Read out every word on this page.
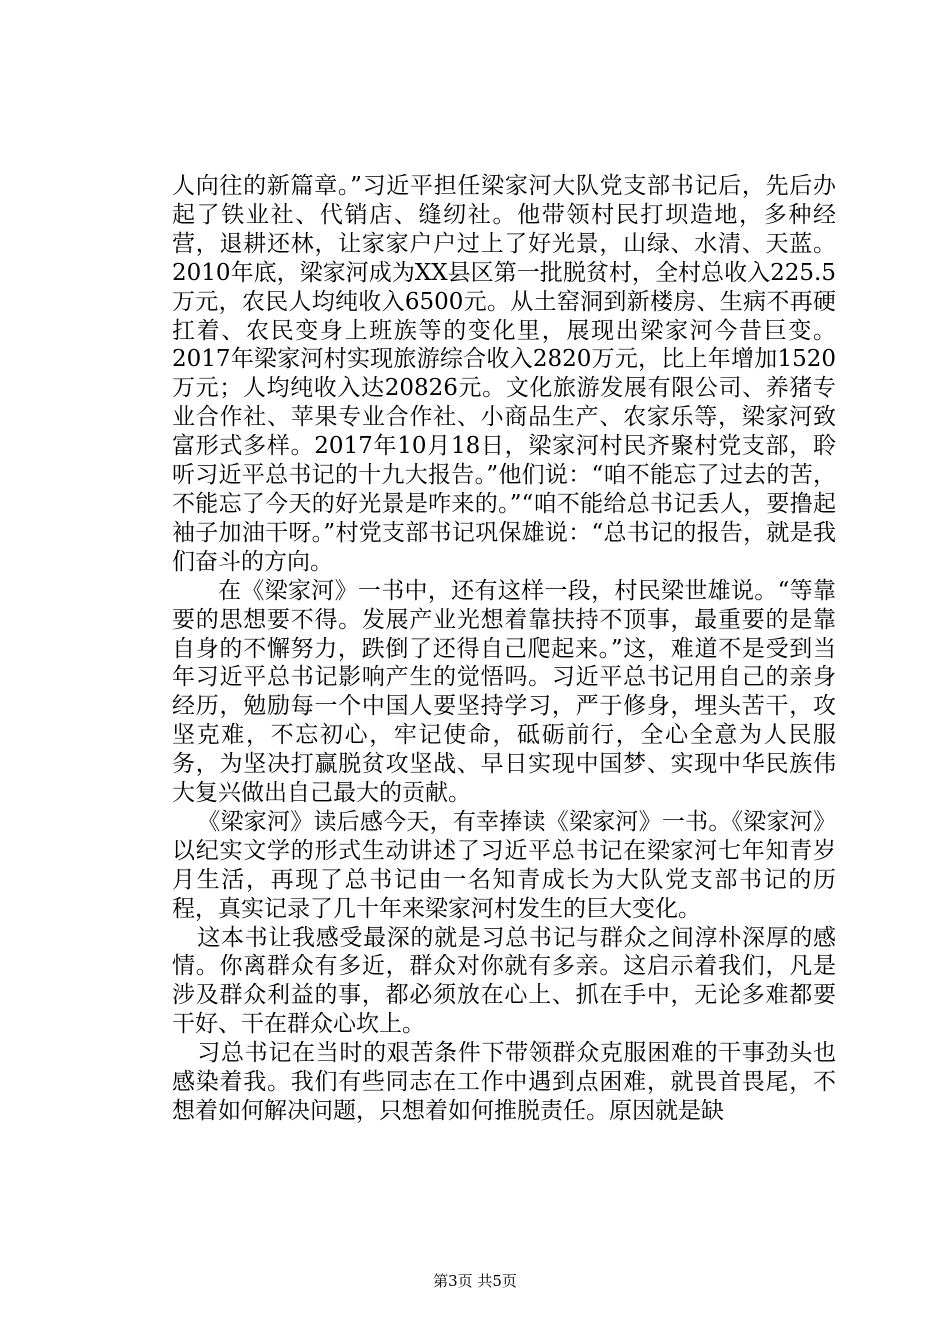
人向往的新篇章。”习近平担任梁家河大队党支部书记后，先后办起了铁业社、代销店、缝纫社。他带领村民打坝造地，多种经营，退耕还林，让家家户户过上了好光景，山绿、水清、天蓝。2010年底，梁家河成为XX县区第一批脱贫村，全村总收入225.5万元，农民人均纯收入6500元。从土窑洞到新楼房、生病不再硬扛着、农民变身上班族等的变化里，展现出梁家河今昔巨变。2017年梁家河村实现旅游综合收入2820万元，比上年增加1520万元；人均纯收入达20826元。文化旅游发展有限公司、养猪专业合作社、苹果专业合作社、小商品生产、农家乐等，梁家河致富形式多样。2017年10月18日，梁家河村民齐聚村党支部，聆听习近平总书记的十九大报告。”他们说：“咱不能忘了过去的苦，不能忘了今天的好光景是咋来的。”“咱不能给总书记丢人，要撸起袖子加油干呀。”村党支部书记巩保雄说：“总书记的报告，就是我们奋斗的方向。

在《梁家河》一书中，还有这样一段，村民梁世雄说。“等靠要的思想要不得。发展产业光想着靠扶持不顶事，最重要的是靠自身的不懈努力，跌倒了还得自己爬起来。”这，难道不是受到当年习近平总书记影响产生的觉悟吗。习近平总书记用自己的亲身经历，勉励每一个中国人要坚持学习，严于修身，埋头苦干，攻坚克难，不忘初心，牢记使命，砥砺前行，全心全意为人民服务，为坚决打赢脱贫攻坚战、早日实现中国梦、实现中华民族伟大复兴做出自己最大的贡献。

《梁家河》读后感今天，有幸捧读《梁家河》一书。《梁家河》以纪实文学的形式生动讲述了习近平总书记在梁家河七年知青岁月生活，再现了总书记由一名知青成长为大队党支部书记的历程，真实记录了几十年来梁家河村发生的巨大变化。

这本书让我感受最深的就是习总书记与群众之间淳朴深厚的感情。你离群众有多近，群众对你就有多亲。这启示着我们，凡是涉及群众利益的事，都必须放在心上、抓在手中，无论多难都要干好、干在群众心坎上。

习总书记在当时的艰苦条件下带领群众克服困难的干事劲头也感染着我。我们有些同志在工作中遇到点困难，就畏首畏尾，不想着如何解决问题，只想着如何推脱责任。原因就是缺

第3页 共5页
